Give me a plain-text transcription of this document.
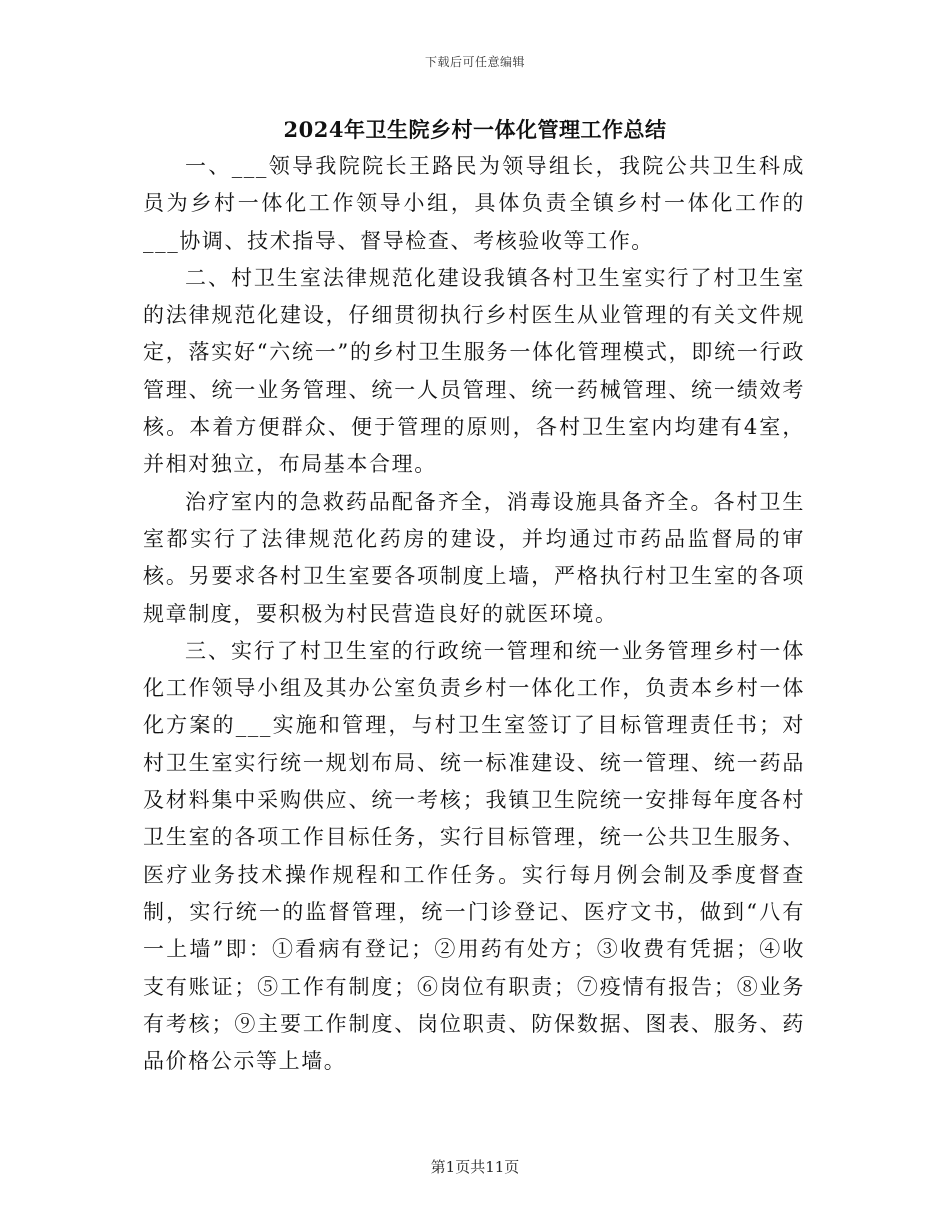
下载后可任意编辑
2024年卫生院乡村一体化管理工作总结

一、___领导我院院长王路民为领导组长，我院公共卫生科成员为乡村一体化工作领导小组，具体负责全镇乡村一体化工作的___协调、技术指导、督导检查、考核验收等工作。

二、村卫生室法律规范化建设我镇各村卫生室实行了村卫生室的法律规范化建设，仔细贯彻执行乡村医生从业管理的有关文件规定，落实好“六统一”的乡村卫生服务一体化管理模式，即统一行政管理、统一业务管理、统一人员管理、统一药械管理、统一绩效考核。本着方便群众、便于管理的原则，各村卫生室内均建有4室，并相对独立，布局基本合理。

治疗室内的急救药品配备齐全，消毒设施具备齐全。各村卫生室都实行了法律规范化药房的建设，并均通过市药品监督局的审核。另要求各村卫生室要各项制度上墙，严格执行村卫生室的各项规章制度，要积极为村民营造良好的就医环境。

三、实行了村卫生室的行政统一管理和统一业务管理乡村一体化工作领导小组及其办公室负责乡村一体化工作，负责本乡村一体化方案的___实施和管理，与村卫生室签订了目标管理责任书；对村卫生室实行统一规划布局、统一标准建设、统一管理、统一药品及材料集中采购供应、统一考核；我镇卫生院统一安排每年度各村卫生室的各项工作目标任务，实行目标管理，统一公共卫生服务、医疗业务技术操作规程和工作任务。实行每月例会制及季度督查制，实行统一的监督管理，统一门诊登记、医疗文书，做到“八有一上墙”即：①看病有登记；②用药有处方；③收费有凭据；④收支有账证；⑤工作有制度；⑥岗位有职责；⑦疫情有报告；⑧业务有考核；⑨主要工作制度、岗位职责、防保数据、图表、服务、药品价格公示等上墙。

第1页共11页
